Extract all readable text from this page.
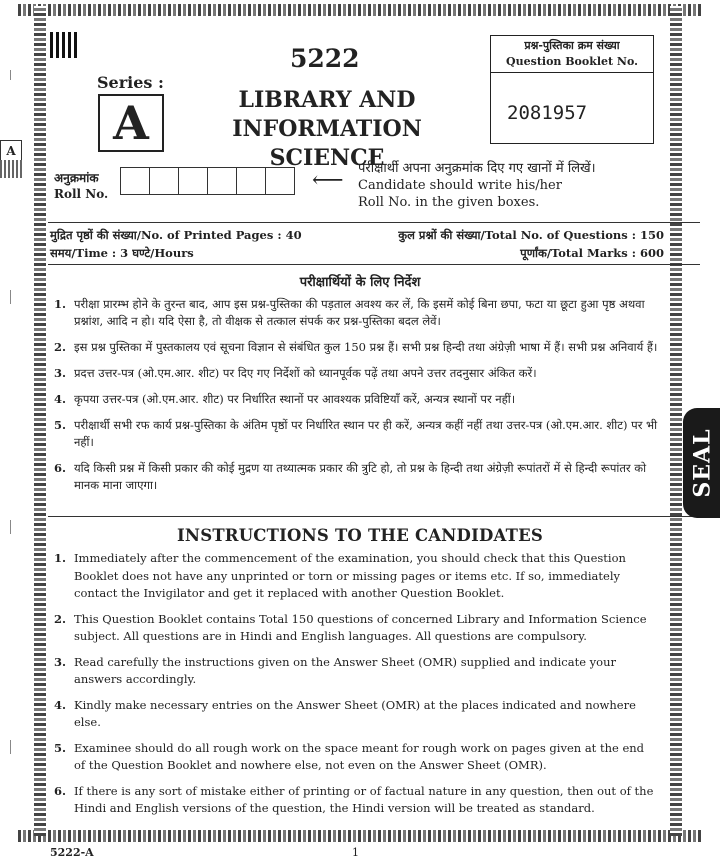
5222
Series :
A	LIBRARY AND
INFORMATION SCIENCE
प्रश्न-पुस्तिका क्रम संख्या
Question Booklet No.
2081957
A
अनुक्रमांक
Roll No.
⟵ परीक्षार्थी अपना अनुक्रमांक दिए गए खानों में लिखें।
Candidate should write his/her
Roll No. in the given boxes.
मुद्रित पृष्ठों की संख्या/No. of Printed Pages : 40	कुल प्रश्नों की संख्या/Total No. of Questions : 150
समय/Time : 3 घण्टे/Hours	पूर्णांक/Total Marks : 600
परीक्षार्थियों के लिए निर्देश
1. परीक्षा प्रारम्भ होने के तुरन्त बाद, आप इस प्रश्न-पुस्तिका की पड़ताल अवश्य कर लें, कि इसमें कोई बिना छपा, फटा या छूटा हुआ पृष्ठ अथवा प्रश्नांश, आदि न हो। यदि ऐसा है, तो वीक्षक से तत्काल संपर्क कर प्रश्न-पुस्तिका बदल लेवें।
2. इस प्रश्न पुस्तिका में पुस्तकालय एवं सूचना विज्ञान से संबंधित कुल 150 प्रश्न हैं। सभी प्रश्न हिन्दी तथा अंग्रेज़ी भाषा में हैं। सभी प्रश्न अनिवार्य हैं।
3. प्रदत्त उत्तर-पत्र (ओ.एम.आर. शीट) पर दिए गए निर्देशों को ध्यानपूर्वक पढ़ें तथा अपने उत्तर तदनुसार अंकित करें।
4. कृपया उत्तर-पत्र (ओ.एम.आर. शीट) पर निर्धारित स्थानों पर आवश्यक प्रविष्टियाँ करें, अन्यत्र स्थानों पर नहीं।
5. परीक्षार्थी सभी रफ कार्य प्रश्न-पुस्तिका के अंतिम पृष्ठों पर निर्धारित स्थान पर ही करें, अन्यत्र कहीं नहीं तथा उत्तर-पत्र (ओ.एम.आर. शीट) पर भी नहीं।
6. यदि किसी प्रश्न में किसी प्रकार की कोई मुद्रण या तथ्यात्मक प्रकार की त्रुटि हो, तो प्रश्न के हिन्दी तथा अंग्रेज़ी रूपांतरों में से हिन्दी रूपांतर को मानक माना जाएगा।
INSTRUCTIONS TO THE CANDIDATES
1. Immediately after the commencement of the examination, you should check that this Question Booklet does not have any unprinted or torn or missing pages or items etc. If so, immediately contact the Invigilator and get it replaced with another Question Booklet.
2. This Question Booklet contains Total 150 questions of concerned Library and Information Science subject. All questions are in Hindi and English languages. All questions are compulsory.
3. Read carefully the instructions given on the Answer Sheet (OMR) supplied and indicate your answers accordingly.
4. Kindly make necessary entries on the Answer Sheet (OMR) at the places indicated and nowhere else.
5. Examinee should do all rough work on the space meant for rough work on pages given at the end of the Question Booklet and nowhere else, not even on the Answer Sheet (OMR).
6. If there is any sort of mistake either of printing or of factual nature in any question, then out of the Hindi and English versions of the question, the Hindi version will be treated as standard.
SEAL
5222-A	1
